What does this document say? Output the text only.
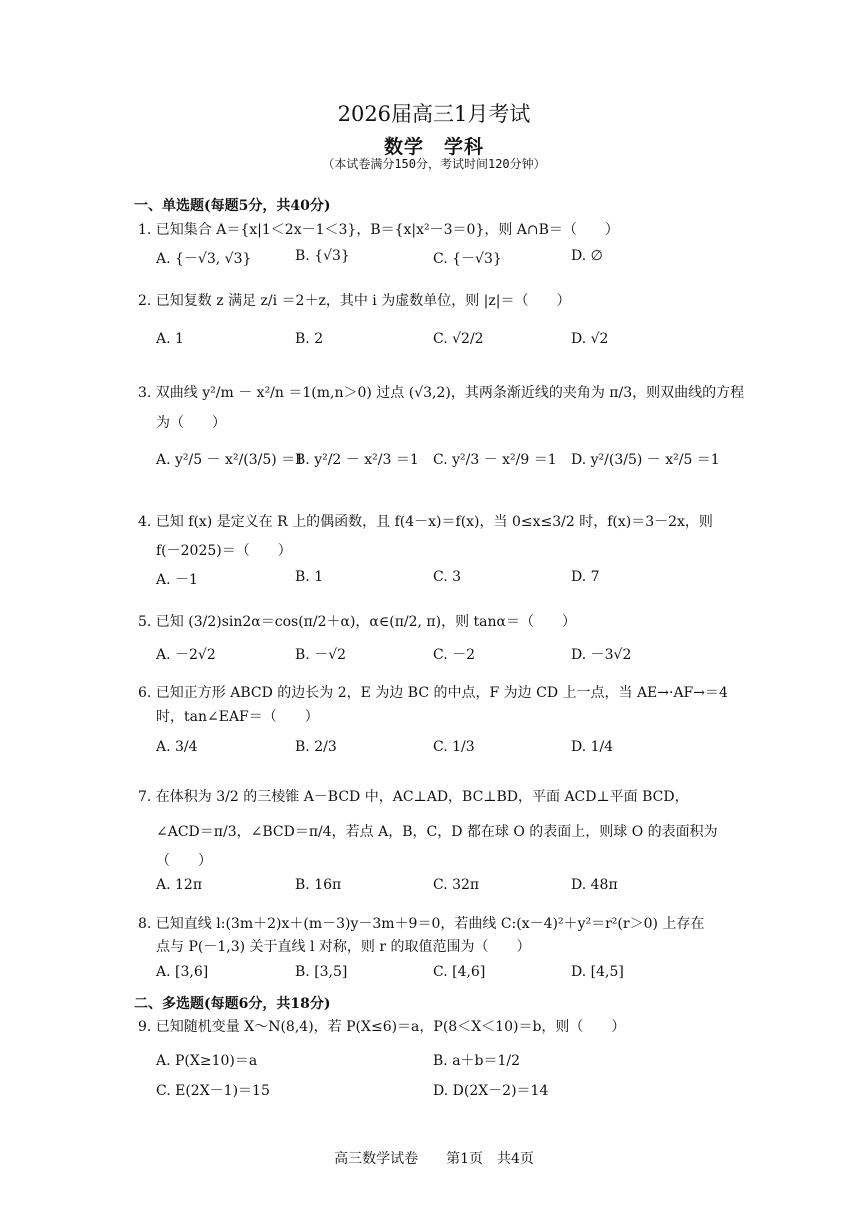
2026届高三1月考试
数学　学科
（本试卷满分150分，考试时间120分钟）
一、单选题(每题5分，共40分)
1. 已知集合 A＝{x|1＜2x－1＜3}，B＝{x|x²－3＝0}，则 A∩B＝（　　）
A. {－√3, √3}	B. {√3}	C. {－√3}	D. ∅
2. 已知复数 z 满足 z/i ＝2＋z，其中 i 为虚数单位，则 |z|＝（　　）
A. 1	B. 2	C. √2/2	D. √2
3. 双曲线 y²/m － x²/n ＝1(m,n＞0) 过点 (√3,2)，其两条渐近线的夹角为 π/3，则双曲线的方程
为（　　）
A. y²/5 － x²/(3/5) ＝1
B. y²/2 － x²/3 ＝1 C. y²/3 － x²/9 ＝1 D. y²/(3/5) － x²/5 ＝1
4. 已知 f(x) 是定义在 R 上的偶函数，且 f(4－x)＝f(x)，当 0≤x≤3/2 时，f(x)＝3－2x，则
f(－2025)＝（　　）
A. －1	B. 1	C. 3	D. 7
5. 已知 (3/2)sin2α＝cos(π/2＋α)，α∈(π/2, π)，则 tanα＝（　　）
A. －2√2	B. －√2	C. －2	D. －3√2
6. 已知正方形 ABCD 的边长为 2，E 为边 BC 的中点，F 为边 CD 上一点，当 AE→·AF→＝4
时，tan∠EAF＝（　　）
A. 3/4	B. 2/3	C. 1/3	D. 1/4
7. 在体积为 3/2 的三棱锥 A－BCD 中，AC⊥AD，BC⊥BD，平面 ACD⊥平面 BCD，
∠ACD＝π/3，∠BCD＝π/4，若点 A，B，C，D 都在球 O 的表面上，则球 O 的表面积为
（　　）
A. 12π	B. 16π	C. 32π	D. 48π
8. 已知直线 l:(3m＋2)x＋(m－3)y－3m＋9＝0，若曲线 C:(x－4)²＋y²＝r²(r＞0) 上存在
点与 P(－1,3) 关于直线 l 对称，则 r 的取值范围为（　　）
A. [3,6]	B. [3,5]	C. [4,6]	D. [4,5]
二、多选题(每题6分，共18分)
9. 已知随机变量 X～N(8,4)，若 P(X≤6)＝a，P(8＜X＜10)＝b，则（　　）
A. P(X≥10)＝a	B. a＋b＝1/2
C. E(2X－1)＝15	D. D(2X－2)＝14
高三数学试卷　　第1页　共4页
